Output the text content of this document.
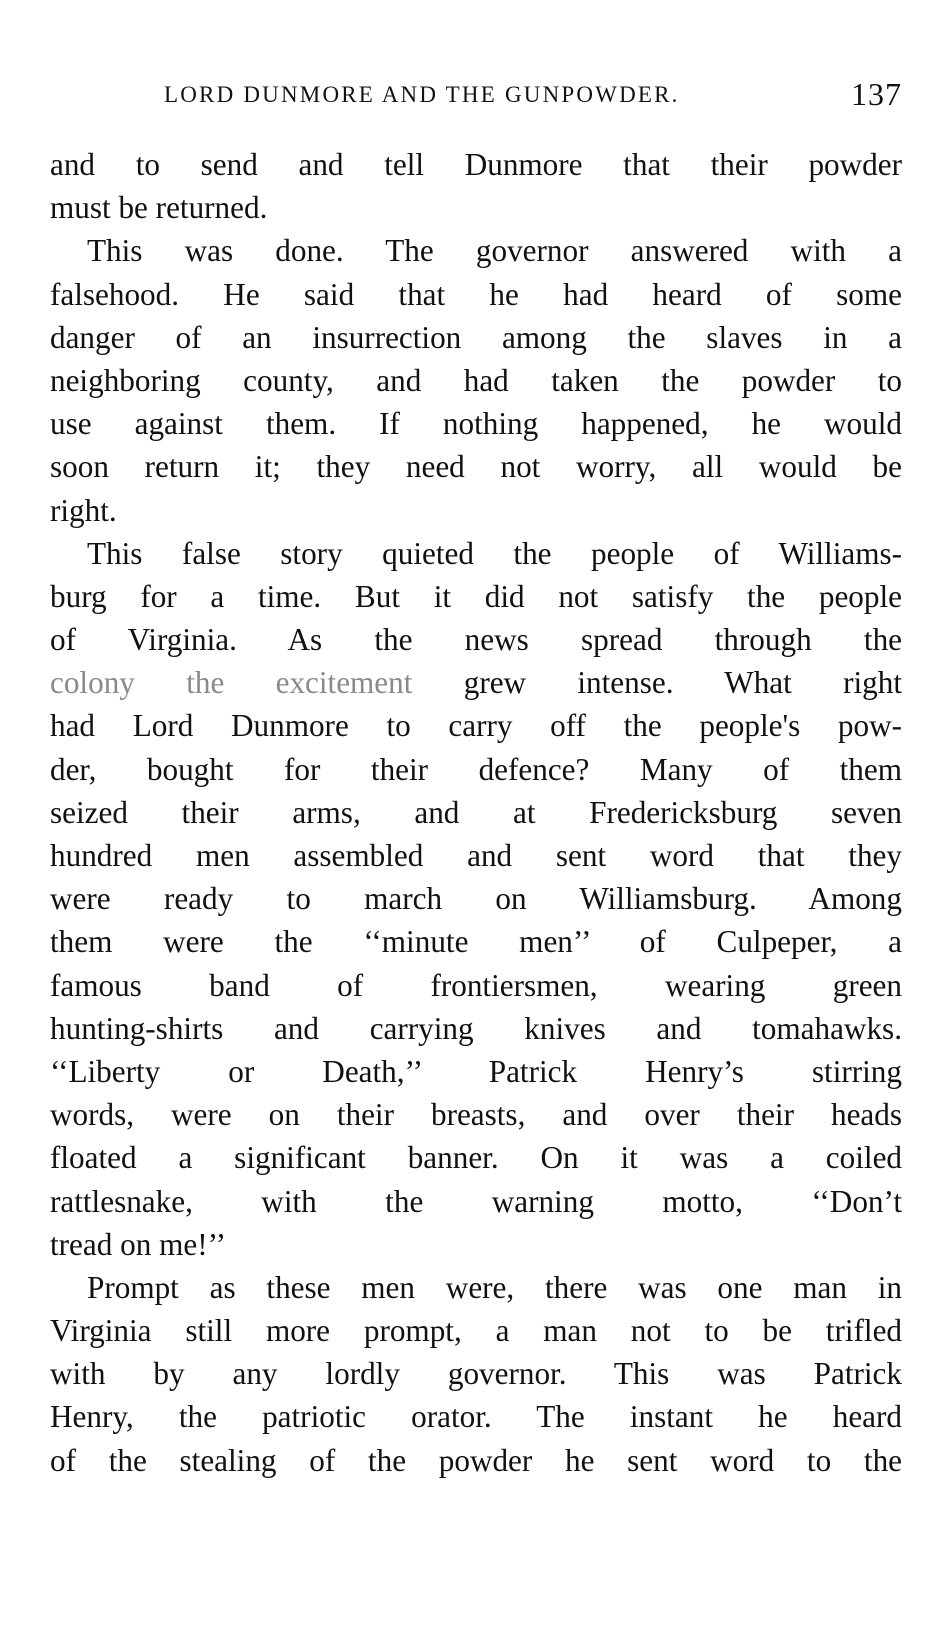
LORD DUNMORE AND THE GUNPOWDER.	137
and to send and tell Dunmore that their powder
must be returned.
This was done. The governor answered with a
falsehood. He said that he had heard of some
danger of an insurrection among the slaves in a
neighboring county, and had taken the powder to
use against them. If nothing happened, he would
soon return it; they need not worry, all would be
right.
This false story quieted the people of Williams-
burg for a time. But it did not satisfy the people
of Virginia. As the news spread through the
colony the excitement grew intense. What right
had Lord Dunmore to carry off the people's pow-
der, bought for their defence? Many of them
seized their arms, and at Fredericksburg seven
hundred men assembled and sent word that they
were ready to march on Williamsburg. Among
them were the ‘‘minute men’’ of Culpeper, a
famous band of frontiersmen, wearing green
hunting-shirts and carrying knives and tomahawks.
‘‘Liberty or Death,’’ Patrick Henry’s stirring
words, were on their breasts, and over their heads
floated a significant banner. On it was a coiled
rattlesnake, with the warning motto, ‘‘Don’t
tread on me!’’
Prompt as these men were, there was one man in
Virginia still more prompt, a man not to be trifled
with by any lordly governor. This was Patrick
Henry, the patriotic orator. The instant he heard
of the stealing of the powder he sent word to the
